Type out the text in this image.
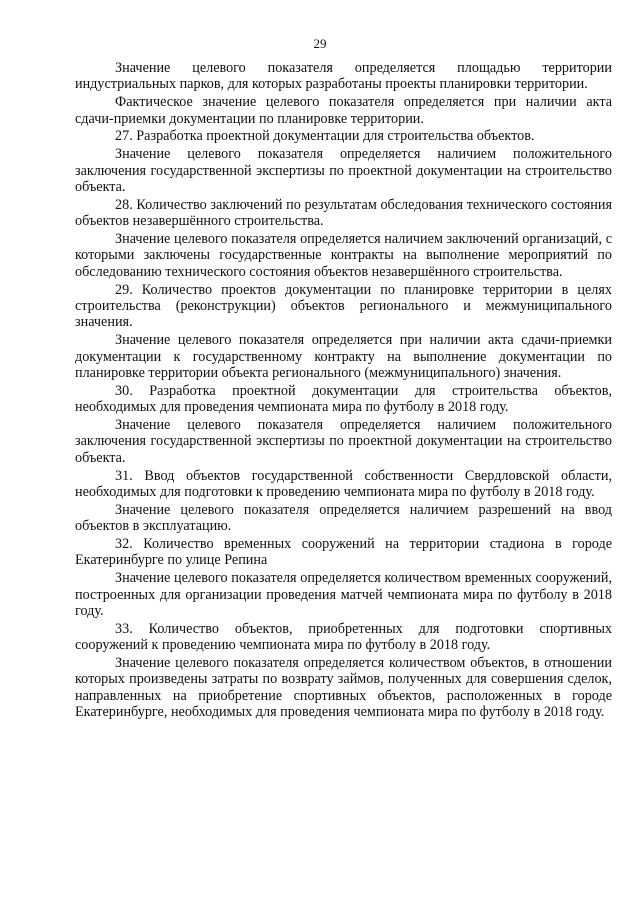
29

Значение целевого показателя определяется площадью территории индустриальных парков, для которых разработаны проекты планировки территории.

Фактическое значение целевого показателя определяется при наличии акта сдачи-приемки документации по планировке территории.

27. Разработка проектной документации для строительства объектов.

Значение целевого показателя определяется наличием положительного заключения государственной экспертизы по проектной документации на строительство объекта.

28. Количество заключений по результатам обследования технического состояния объектов незавершённого строительства.

Значение целевого показателя определяется наличием заключений организаций, с которыми заключены государственные контракты на выполнение мероприятий по обследованию технического состояния объектов незавершённого строительства.

29. Количество проектов документации по планировке территории в целях строительства (реконструкции) объектов регионального и межмуниципального значения.

Значение целевого показателя определяется при наличии акта сдачи-приемки документации к государственному контракту на выполнение документации по планировке территории объекта регионального (межмуниципального) значения.

30. Разработка проектной документации для строительства объектов, необходимых для проведения чемпионата мира по футболу в 2018 году.

Значение целевого показателя определяется наличием положительного заключения государственной экспертизы по проектной документации на строительство объекта.

31. Ввод объектов государственной собственности Свердловской области, необходимых для подготовки к проведению чемпионата мира по футболу в 2018 году.

Значение целевого показателя определяется наличием разрешений на ввод объектов в эксплуатацию.

32. Количество временных сооружений на территории стадиона в городе Екатеринбурге по улице Репина

Значение целевого показателя определяется количеством временных сооружений, построенных для организации проведения матчей чемпионата мира по футболу в 2018 году.

33. Количество объектов, приобретенных для подготовки спортивных сооружений к проведению чемпионата мира по футболу в 2018 году.

Значение целевого показателя определяется количеством объектов, в отношении которых произведены затраты по возврату займов, полученных для совершения сделок, направленных на приобретение спортивных объектов, расположенных в городе Екатеринбурге, необходимых для проведения чемпионата мира по футболу в 2018 году.
